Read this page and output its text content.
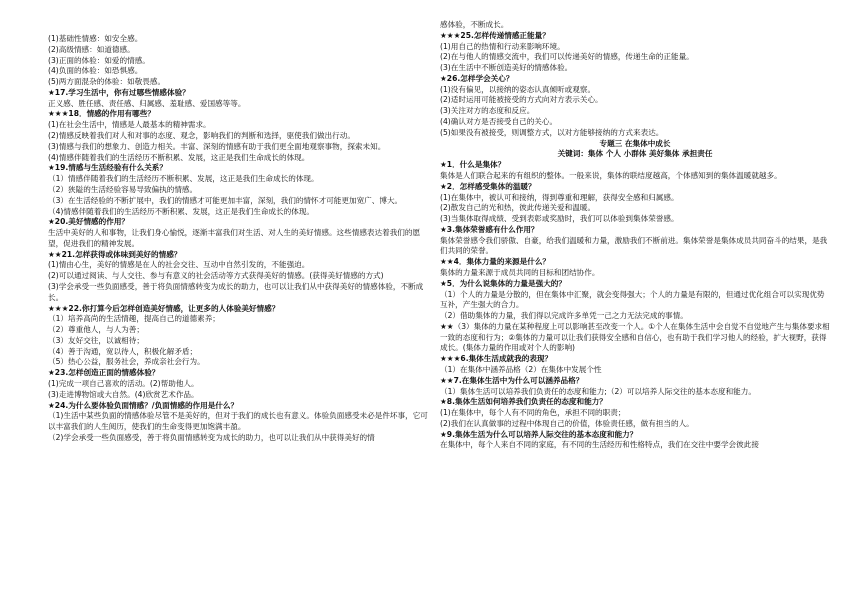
(1)基础性情感：如安全感。

(2)高级情感：如道德感。

(3)正面的体验：如爱的情感。

(4)负面的体验：如恐惧感。

(5)两方面混杂的体验：如敬畏感。

★17.学习生活中，你有过哪些情感体验？

正义感、胜任感、责任感、归属感、羞耻感、爱国感等等。

★★★18．情感的作用有哪些？

(1)在社会生活中，情感是人最基本的精神需求。

(2)情感反映着我们对人和对事的态度、观念，影响我们的判断和选择，驱使我们做出行动。

(3)情感与我们的想象力、创造力相关。丰富、深刻的情感有助于我们更全面地观察事物，探索未知。

(4)情感伴随着我们的生活经历不断积累、发展，这正是我们生命成长的体现。

★19.情感与生活经验有什么关系？

（1）情感伴随着我们的生活经历不断积累、发展，这正是我们生命成长的体现。

（2）狭隘的生活经验容易导致偏执的情感。

（3）在生活经验的不断扩展中，我们的情感才可能更加丰富，深刻，我们的情怀才可能更加宽广、博大。

（4)情感伴随着我们的生活经历不断积累、发展，这正是我们生命成长的体现。

★20.美好情感的作用？

生活中美好的人和事物，让我们身心愉悦，逐渐丰富我们对生活、对人生的美好情感。这些情感表达着我们的愿望，促进我们的精神发展。

★★21.怎样获得或体味到美好的情感？

(1)情由心生，美好的情感是在人的社会交往、互动中自然引发的，不能强迫。

(2)可以通过阅读、与人交往、参与有意义的社会活动等方式获得美好的情感。(获得美好情感的方式)

(3)学会承受一些负面感受，善于将负面情感转变为成长的助力，也可以让我们从中获得美好的情感体验，不断成长。

★★★22.你打算今后怎样创造美好情感，让更多的人体验美好情感？

（1）培养高尚的生活情趣，提高自己的道德素养；

（2）尊重他人，与人为善；

（3）友好交往，以诚相待；

（4）善于沟通，宽以待人，积极化解矛盾；

（5）热心公益，服务社会，养成亲社会行为。

★23.怎样创造正面的情感体验？

(1)完成一项自己喜欢的活动。(2)帮助他人。

(3)走进博物馆或大自然。(4)欣赏艺术作品。

★24.为什么要体验负面情感？/负面情感的作用是什么？

（1)生活中某些负面的情感体验尽管不是美好的，但对于我们的成长也有意义。体验负面感受未必是件坏事，它可以丰富我们的人生阅历，使我们的生命变得更加饱满丰盈。

（2)学会承受一些负面感受，善于将负面情感转变为成长的助力，也可以让我们从中获得美好的情

感体验，不断成长。

★★★25.怎样传递情感正能量？

(1)用自己的热情和行动来影响环境。

(2)在与他人的情感交流中，我们可以传递美好的情感，传递生命的正能量。

(3)在生活中不断创造美好的情感体验。

★26.怎样学会关心？

(1)没有偏见，以接纳的姿态认真倾听或观察。

(2)适时运用可能被接受的方式向对方表示关心。

(3)关注对方的态度和反应。

(4)确认对方是否接受自己的关心。

(5)如果没有被接受，则调整方式，以对方能够接纳的方式来表达。

专题三 在集体中成长

关键词：集体 个人 小群体 美好集体 承担责任

★1．什么是集体？

集体是人们联合起来的有组织的整体。一般来说，集体的联结度越高，个体感知到的集体温暖就越多。

★2．怎样感受集体的温暖？

(1)在集体中，被认可和接纳，得到尊重和理解，获得安全感和归属感。

(2)散发自己的光和热，彼此传递关爱和温暖。

(3)当集体取得成绩、受到表彰或奖励时，我们可以体验到集体荣誉感。

★3.集体荣誉感有什么作用？

集体荣誉感令我们骄傲、自豪，给我们温暖和力量，激励我们不断前进。集体荣誉是集体成员共同奋斗的结果，是我们共同的荣誉。

★★4．集体力量的来源是什么？

集体的力量来源于成员共同的目标和团结协作。

★5．为什么说集体的力量是强大的？

（1）个人的力量是分散的，但在集体中汇聚，就会变得强大；个人的力量是有限的，但通过优化组合可以实现优势互补，产生强大的合力。

（2）借助集体的力量，我们得以完成许多单凭一己之力无法完成的事情。

★★（3）集体的力量在某种程度上可以影响甚至改变一个人。①个人在集体生活中会自觉不自觉地产生与集体要求相一致的态度和行为；②集体的力量可以让我们获得安全感和自信心，也有助于我们学习他人的经验，扩大视野，获得成长。(集体力量的作用或对个人的影响)

★★★6.集体生活成就我的表现？

（1）在集体中涵养品格（2）在集体中发展个性

★★7.在集体生活中为什么可以涵养品格？

（1）集体生活可以培养我们负责任的态度和能力;（2）可以培养人际交往的基本态度和能力。

★8.集体生活如何培养我们负责任的态度和能力？

(1)在集体中，每个人有不同的角色，承担不同的职责；

(2)我们在认真做事的过程中体现自己的价值，体验责任感，做有担当的人。

★9.集体生活为什么可以培养人际交往的基本态度和能力？

在集体中，每个人来自不同的家庭，有不同的生活经历和性格特点，我们在交往中要学会彼此接
